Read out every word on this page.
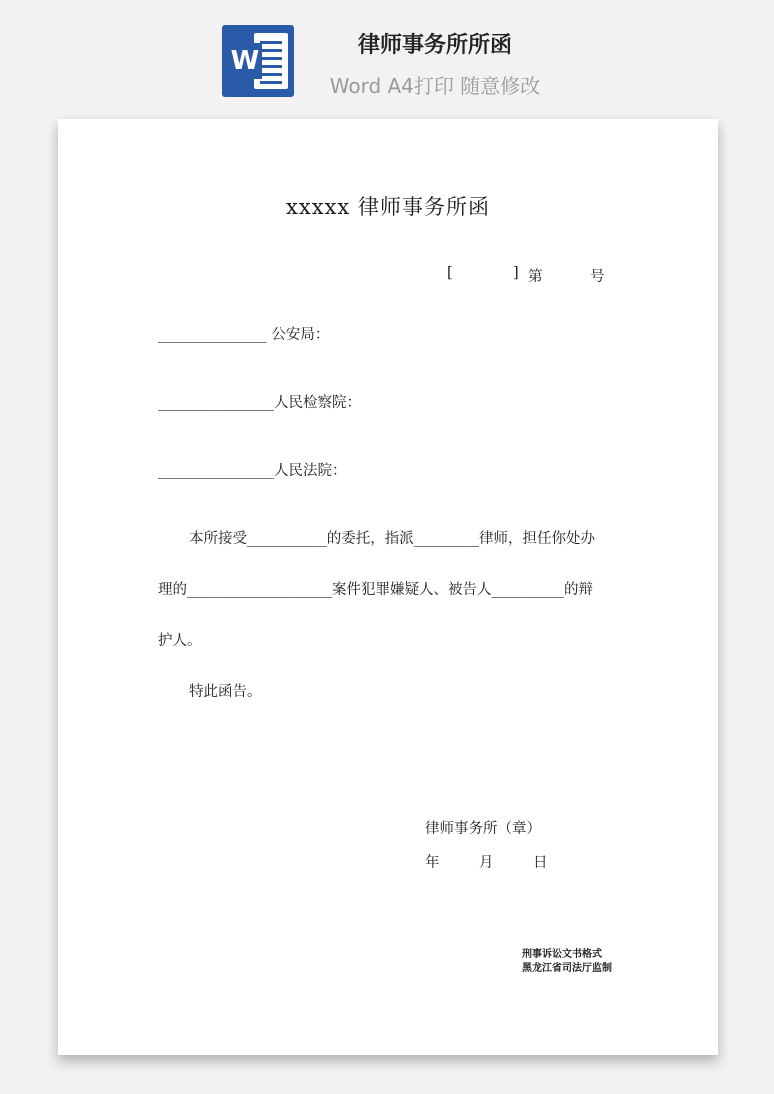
W
律师事务所所函
Word A4打印 随意修改
xxxxx 律师事务所函
[	] 第	号
_______________ 公安局：
________________人民检察院：
________________人民法院：
本所接受___________的委托，指派_________律师，担任你处办
理的____________________案件犯罪嫌疑人、被告人__________的辩
护人。
特此函告。
律师事务所（章）
年	月	日
刑事诉讼文书格式
黑龙江省司法厅监制
